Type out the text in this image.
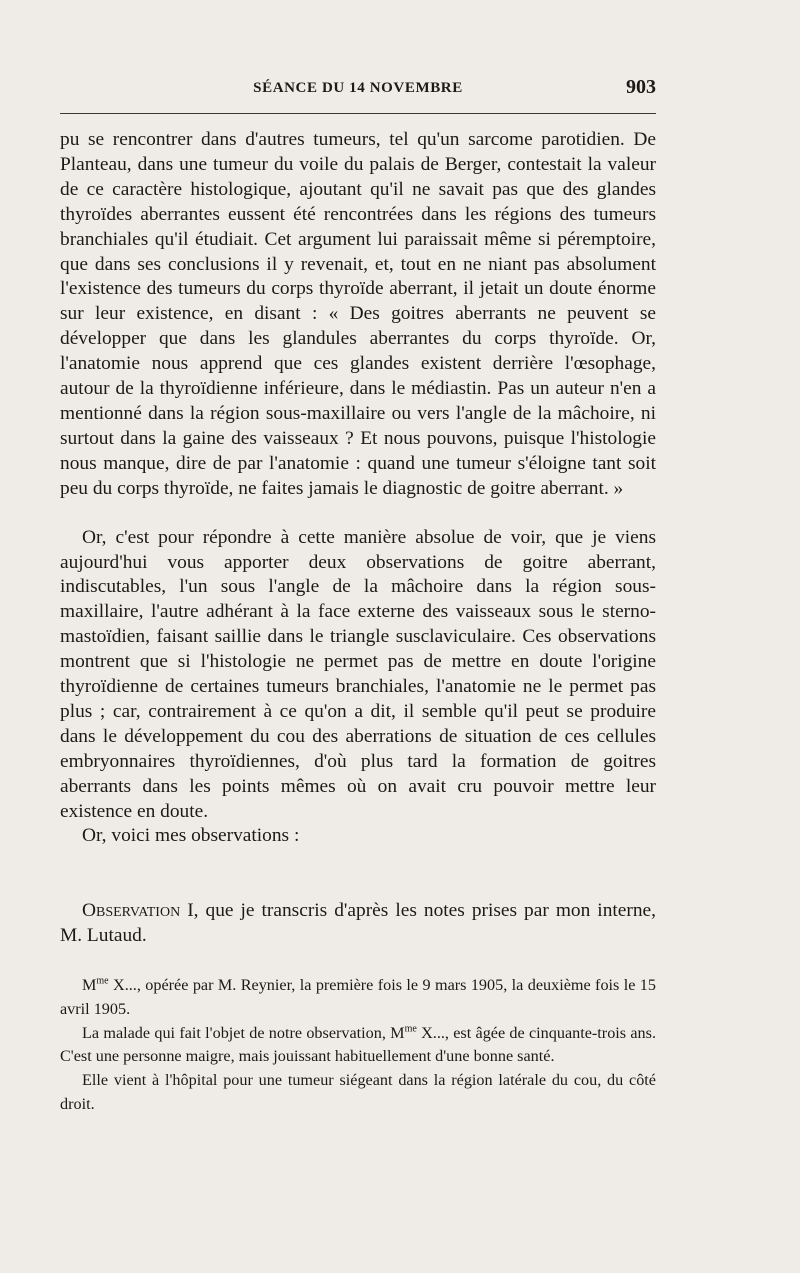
SÉANCE DU 14 NOVEMBRE	903

pu se rencontrer dans d'autres tumeurs, tel qu'un sarcome parotidien. De Planteau, dans une tumeur du voile du palais de Berger, contestait la valeur de ce caractère histologique, ajoutant qu'il ne savait pas que des glandes thyroïdes aberrantes eussent été rencontrées dans les régions des tumeurs branchiales qu'il étudiait. Cet argument lui paraissait même si péremptoire, que dans ses conclusions il y revenait, et, tout en ne niant pas absolument l'existence des tumeurs du corps thyroïde aberrant, il jetait un doute énorme sur leur existence, en disant : « Des goitres aberrants ne peuvent se développer que dans les glandules aberrantes du corps thyroïde. Or, l'anatomie nous apprend que ces glandes existent derrière l'œsophage, autour de la thyroïdienne inférieure, dans le médiastin. Pas un auteur n'en a mentionné dans la région sous-maxillaire ou vers l'angle de la mâchoire, ni surtout dans la gaine des vaisseaux ? Et nous pouvons, puisque l'histologie nous manque, dire de par l'anatomie : quand une tumeur s'éloigne tant soit peu du corps thyroïde, ne faites jamais le diagnostic de goitre aberrant. »

Or, c'est pour répondre à cette manière absolue de voir, que je viens aujourd'hui vous apporter deux observations de goitre aberrant, indiscutables, l'un sous l'angle de la mâchoire dans la région sous-maxillaire, l'autre adhérant à la face externe des vaisseaux sous le sterno-mastoïdien, faisant saillie dans le triangle susclaviculaire. Ces observations montrent que si l'histologie ne permet pas de mettre en doute l'origine thyroïdienne de certaines tumeurs branchiales, l'anatomie ne le permet pas plus ; car, contrairement à ce qu'on a dit, il semble qu'il peut se produire dans le développement du cou des aberrations de situation de ces cellules embryonnaires thyroïdiennes, d'où plus tard la formation de goitres aberrants dans les points mêmes où on avait cru pouvoir mettre leur existence en doute.

Or, voici mes observations :

Observation I, que je transcris d'après les notes prises par mon interne, M. Lutaud.

$M^{me}$ X..., opérée par M. Reynier, la première fois le 9 mars 1905, la deuxième fois le 15 avril 1905.

La malade qui fait l'objet de notre observation, $M^{me}$ X..., est âgée de cinquante-trois ans. C'est une personne maigre, mais jouissant habituellement d'une bonne santé.

Elle vient à l'hôpital pour une tumeur siégeant dans la région latérale du cou, du côté droit.
